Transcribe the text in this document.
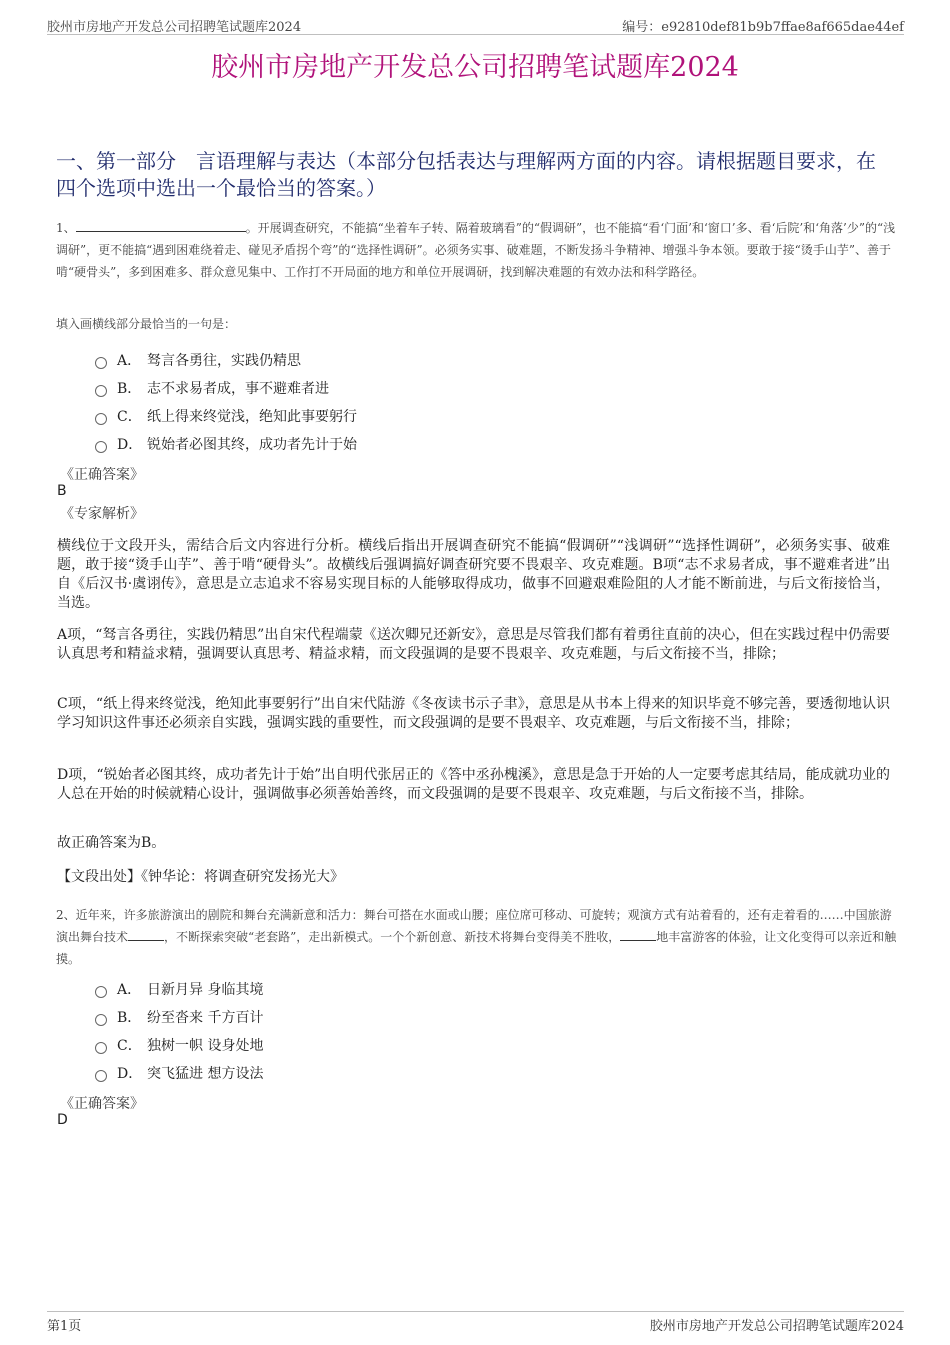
胶州市房地产开发总公司招聘笔试题库2024	编号：e92810def81b9b7ffae8af665dae44ef
胶州市房地产开发总公司招聘笔试题库2024
一、第一部分　言语理解与表达（本部分包括表达与理解两方面的内容。请根据题目要求，在四个选项中选出一个最恰当的答案。）
1、	。开展调查研究，不能搞“坐着车子转、隔着玻璃看”的“假调研”，也不能搞“看‘门面’和‘窗口’多、看‘后院’和‘角落’少”的“浅调研”，更不能搞“遇到困难绕着走、碰见矛盾拐个弯”的“选择性调研”。必须务实事、破难题，不断发扬斗争精神、增强斗争本领。要敢于接“烫手山芋”、善于啃“硬骨头”，多到困难多、群众意见集中、工作打不开局面的地方和单位开展调研，找到解决难题的有效办法和科学路径。
填入画横线部分最恰当的一句是：
A． 驽言各勇往，实践仍精思
B． 志不求易者成，事不避难者进
C． 纸上得来终觉浅，绝知此事要躬行
D． 锐始者必图其终，成功者先计于始
《正确答案》
B
《专家解析》
横线位于文段开头，需结合后文内容进行分析。横线后指出开展调查研究不能搞“假调研”“浅调研”“选择性调研”，必须务实事、破难题，敢于接“烫手山芋”、善于啃“硬骨头”。故横线后强调搞好调查研究要不畏艰辛、攻克难题。B项“志不求易者成，事不避难者进”出自《后汉书·虞诩传》，意思是立志追求不容易实现目标的人能够取得成功，做事不回避艰难险阻的人才能不断前进，与后文衔接恰当，当选。
A项，“驽言各勇往，实践仍精思”出自宋代程端蒙《送次卿兄还新安》，意思是尽管我们都有着勇往直前的决心，但在实践过程中仍需要认真思考和精益求精，强调要认真思考、精益求精，而文段强调的是要不畏艰辛、攻克难题，与后文衔接不当，排除；
C项，“纸上得来终觉浅，绝知此事要躬行”出自宋代陆游《冬夜读书示子聿》，意思是从书本上得来的知识毕竟不够完善，要透彻地认识学习知识这件事还必须亲自实践，强调实践的重要性，而文段强调的是要不畏艰辛、攻克难题，与后文衔接不当，排除；
D项，“锐始者必图其终，成功者先计于始”出自明代张居正的《答中丞孙槐溪》，意思是急于开始的人一定要考虑其结局，能成就功业的人总在开始的时候就精心设计，强调做事必须善始善终，而文段强调的是要不畏艰辛、攻克难题，与后文衔接不当，排除。
故正确答案为B。
【文段出处】《钟华论：将调查研究发扬光大》
2、近年来，许多旅游演出的剧院和舞台充满新意和活力：舞台可搭在水面或山腰；座位席可移动、可旋转；观演方式有站着看的，还有走着看的……中国旅游演出舞台技术	，不断探索突破“老套路”，走出新模式。一个个新创意、新技术将舞台变得美不胜收，	地丰富游客的体验，让文化变得可以亲近和触摸。
A． 日新月异 身临其境
B． 纷至沓来 千方百计
C． 独树一帜 设身处地
D． 突飞猛进 想方设法
《正确答案》
D
第1页	胶州市房地产开发总公司招聘笔试题库2024
